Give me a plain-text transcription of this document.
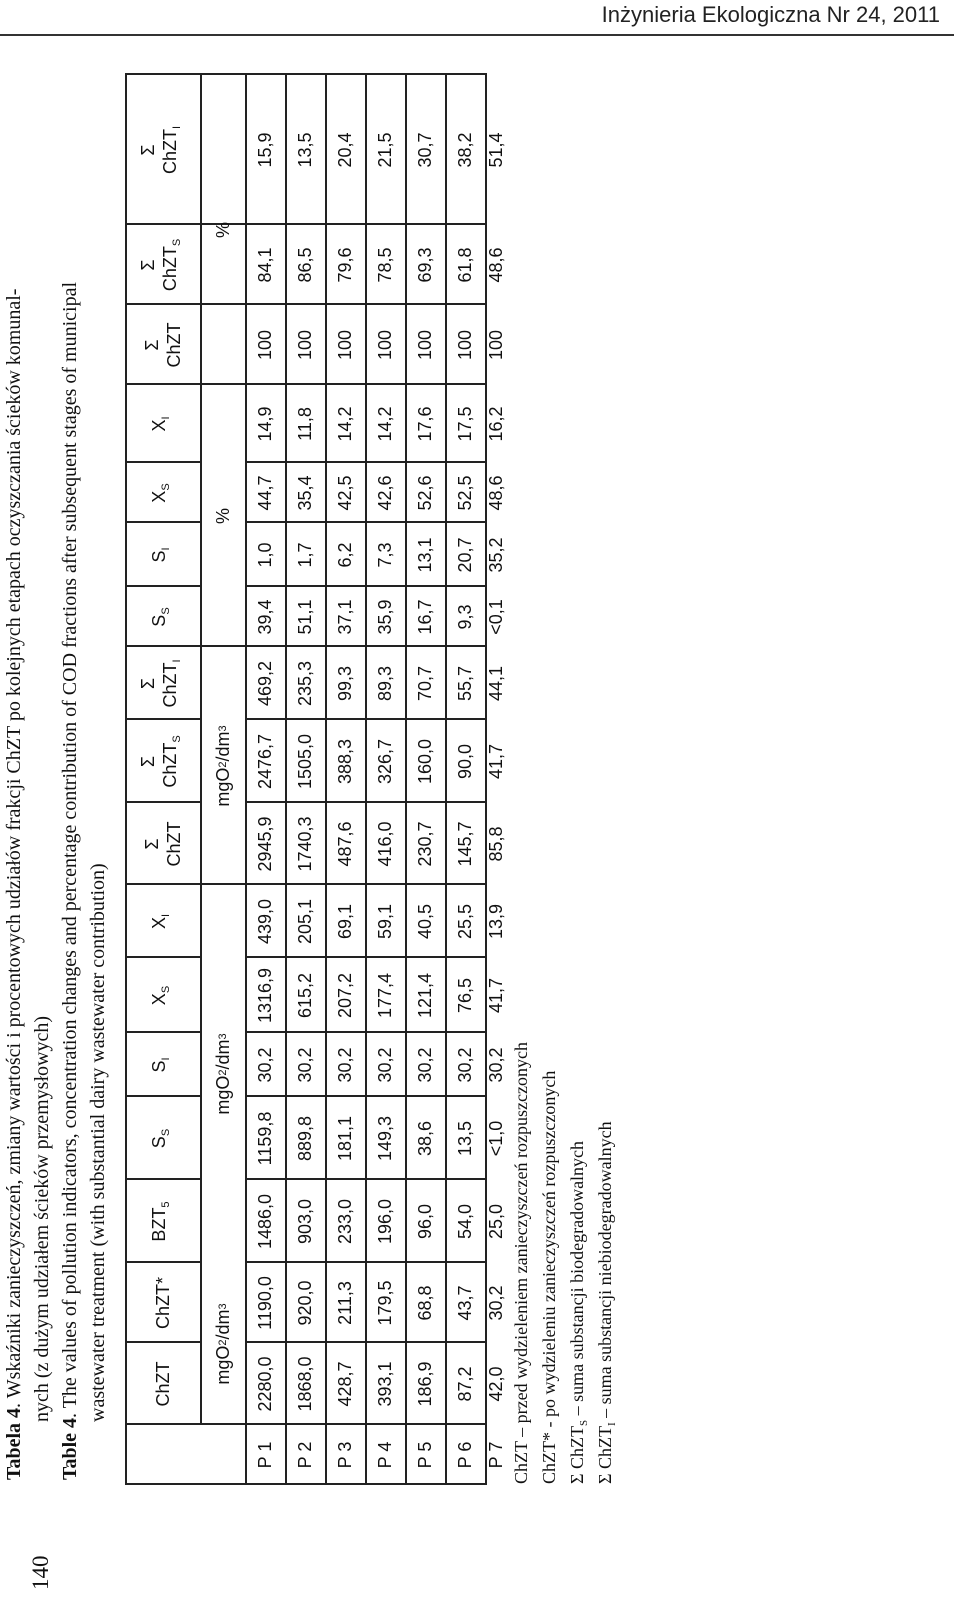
Inżynieria Ekologiczna Nr 24, 2011
140
Tabela 4. Wskaźniki zanieczyszczeń, zmiany wartości i procentowych udziałów frakcji ChZT po kolejnych etapach oczyszczania ścieków komunal- nych (z dużym udziałem ścieków przemysłowych)
Table 4. The values of pollution indicators, concentration changes and percentage contribution of COD fractions after subsequent stages of municipal wastewater treatment (with substantial dairy wastewater contribution) ChZT
ChZT*
$BZT_5$
$S_S$
$S_I$
$X_S$
$X_I$
Σ ChZT
Σ ChZT$_S$
Σ ChZT$_I$
$S_S$
$S_I$
$X_S$
$X_I$
Σ ChZT
Σ ChZT$_S$
Σ ChZT$_I$
mgO
2
/dm
3
mgO
2
/dm
3
mgO
2
/dm
3
%
%
P 1
2280,0
1190,0
1486,0
1159,8
30,2
1316,9
439,0
2945,9
2476,7
469,2
39,4
1,0
44,7
14,9
100
84,1
15,9
P 2
1868,0
920,0
903,0
889,8
30,2
615,2
205,1
1740,3
1505,0
235,3
51,1
1,7
35,4
11,8
100
86,5
13,5
P 3
428,7
211,3
233,0
181,1
30,2
207,2
69,1
487,6
388,3
99,3
37,1
6,2
42,5
14,2
100
79,6
20,4
P 4
393,1
179,5
196,0
149,3
30,2
177,4
59,1
416,0
326,7
89,3
35,9
7,3
42,6
14,2
100
78,5
21,5
P 5
186,9
68,8
96,0
38,6
30,2
121,4
40,5
230,7
160,0
70,7
16,7
13,1
52,6
17,6
100
69,3
30,7
P 6
87,2
43,7
54,0
13,5
30,2
76,5
25,5
145,7
90,0
55,7
9,3
20,7
52,5
17,5
100
61,8
38,2
P 7
42,0
30,2
25,0
<1,0
30,2
41,7
13,9
85,8
41,7
44,1
<0,1
35,2
48,6
16,2
100
48,6
51,4
ChZT – przed wydzieleniem zanieczyszczeń rozpuszczonych ChZT* - po wydzieleniu zanieczyszczeń rozpuszczonych Σ ChZT$_S$ – suma substancji biodegradowalnych
Σ ChZT$_I$ – suma substancji niebiodegradowalnych
